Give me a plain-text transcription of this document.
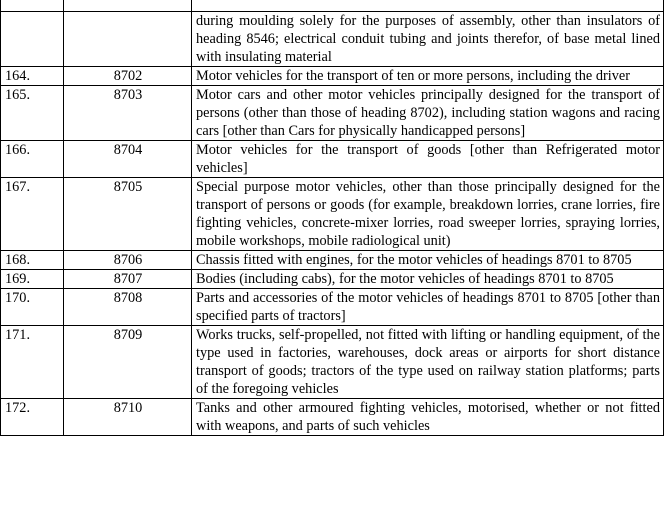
		during moulding solely for the purposes of assembly, other than insulators of heading 8546; electrical conduit tubing and joints therefor, of base metal lined with insulating material
164.	8702	Motor vehicles for the transport of ten or more persons, including the driver
165.	8703	Motor cars and other motor vehicles principally designed for the transport of persons (other than those of heading 8702), including station wagons and racing cars [other than Cars for physically handicapped persons]
166.	8704	Motor vehicles for the transport of goods [other than Refrigerated motor vehicles]
167.	8705	Special purpose motor vehicles, other than those principally designed for the transport of persons or goods (for example, breakdown lorries, crane lorries, fire fighting vehicles, concrete-mixer lorries, road sweeper lorries, spraying lorries, mobile workshops, mobile radiological unit)
168.	8706	Chassis fitted with engines, for the motor vehicles of headings 8701 to 8705
169.	8707	Bodies (including cabs), for the motor vehicles of headings 8701 to 8705
170.	8708	Parts and accessories of the motor vehicles of headings 8701 to 8705 [other than specified parts of tractors]
171.	8709	Works trucks, self-propelled, not fitted with lifting or handling equipment, of the type used in factories, warehouses, dock areas or airports for short distance transport of goods; tractors of the type used on railway station platforms; parts of the foregoing vehicles
172.	8710	Tanks and other armoured fighting vehicles, motorised, whether or not fitted with weapons, and parts of such vehicles
